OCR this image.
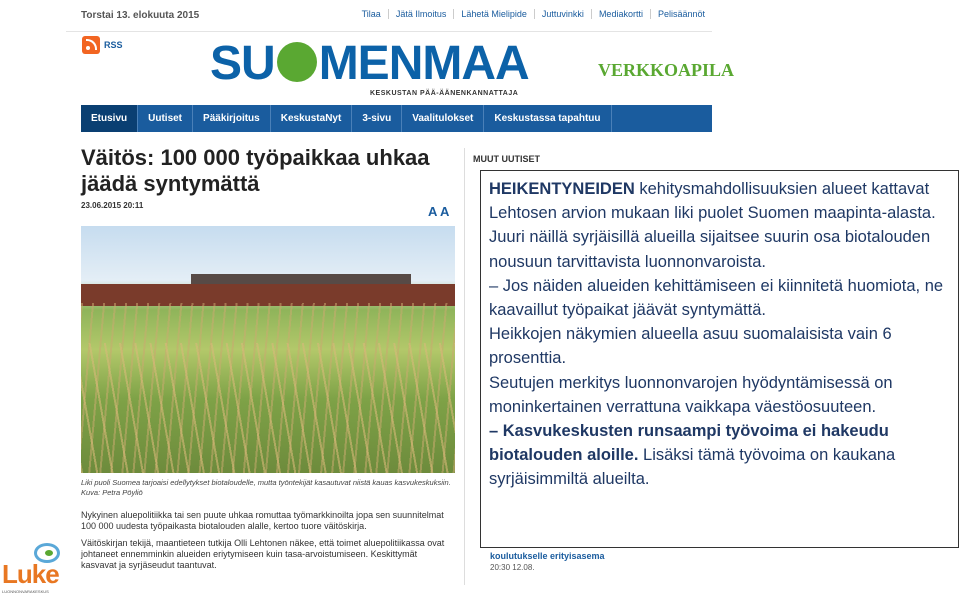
Torstai 13. elokuuta 2015	Tilaa	Jätä Ilmoitus	Lähetä Mielipide	Juttuvinkki	Mediakortti	Pelisäännöt
RSS SU MENMAA	VERKKOAPILA
KESKUSTAN PÄÄ-ÄÄNENKANNATTAJA
Etusivu	Uutiset	Pääkirjoitus	KeskustaNyt	3-sivu	Vaalitulokset	Keskustassa tapahtuu
Väitös: 100 000 työpaikkaa uhkaa jäädä syntymättä
23.06.2015 20:11	A A
Liki puoli Suomea tarjoaisi edellytykset biotaloudelle, mutta työntekijät kasautuvat niistä kauas kasvukeskuksiin. Kuva: Petra Pöyliö

Nykyinen aluepolitiikka tai sen puute uhkaa romuttaa työmarkkinoilta jopa sen suunnitelmat 100 000 uudesta työpaikasta biotalouden alalle, kertoo tuore väitöskirja.

Väitöskirjan tekijä, maantieteen tutkija Olli Lehtonen näkee, että toimet aluepolitiikassa ovat johtaneet ennemminkin alueiden eriytymiseen kuin tasa-arvoistumiseen. Keskittymät kasvavat ja syrjäseudut taantuvat.

MUUT UUTISET
koulutukselle erityisasema
20:30 12.08.
HEIKENTYNEIDEN kehitysmahdollisuuksien alueet kattavat Lehtosen arvion mukaan liki puolet Suomen maapinta-alasta.
Juuri näillä syrjäisillä alueilla sijaitsee suurin osa biotalouden nousuun tarvittavista luonnonvaroista.
– Jos näiden alueiden kehittämiseen ei kiinnitetä huomiota, ne kaavaillut työpaikat jäävät syntymättä.
Heikkojen näkymien alueella asuu suomalaisista vain 6 prosenttia.
Seutujen merkitys luonnonvarojen hyödyntämisessä on moninkertainen verrattuna vaikkapa väestöosuuteen.
– Kasvukeskusten runsaampi työvoima ei hakeudu biotalouden aloille. Lisäksi tämä työvoima on kaukana syrjäisimmiltä alueilta.
Luke
LUONNONVARAKESKUS
